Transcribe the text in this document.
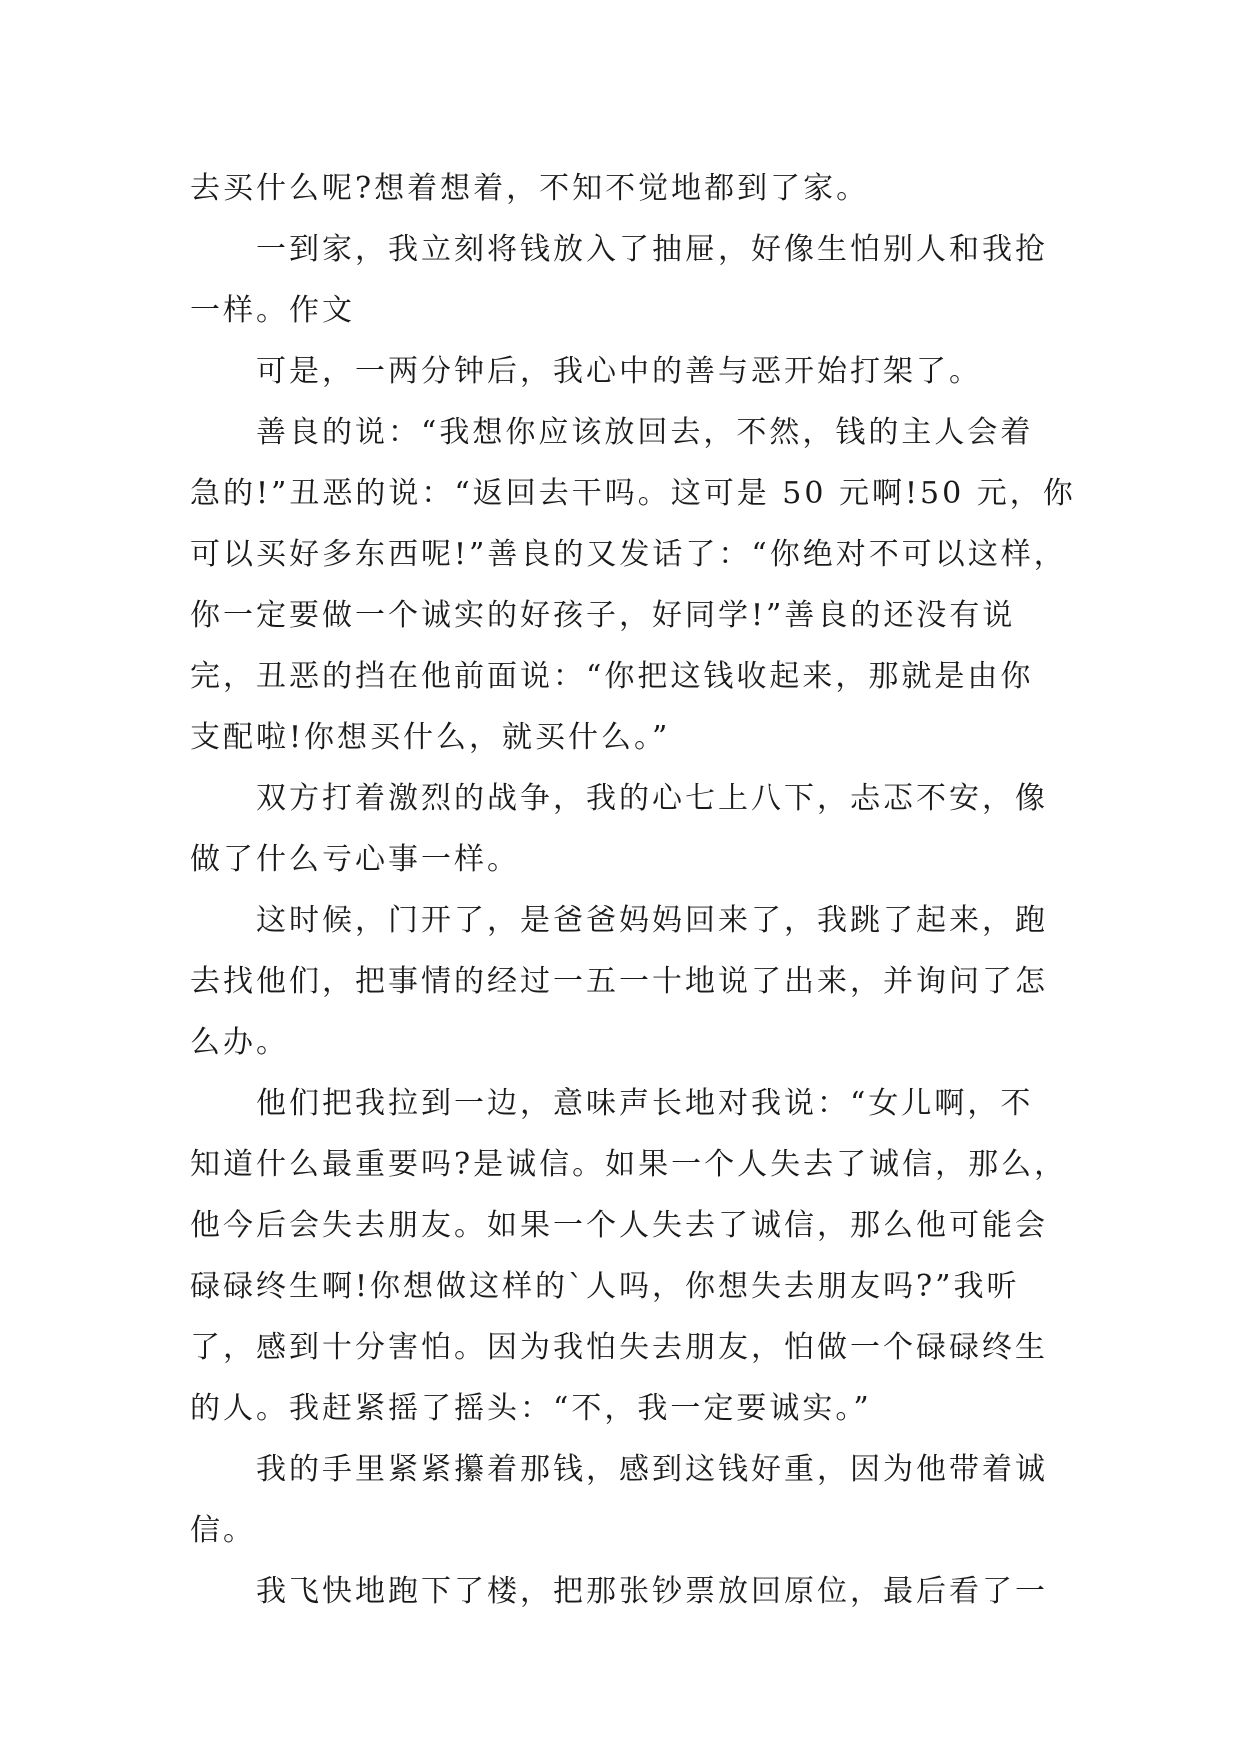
去买什么呢?想着想着，不知不觉地都到了家。
一到家，我立刻将钱放入了抽屉，好像生怕别人和我抢
一样。作文
可是，一两分钟后，我心中的善与恶开始打架了。
善良的说：“我想你应该放回去，不然，钱的主人会着
急的!”丑恶的说：“返回去干吗。这可是 50 元啊!50 元，你
可以买好多东西呢!”善良的又发话了：“你绝对不可以这样，
你一定要做一个诚实的好孩子，好同学!”善良的还没有说
完，丑恶的挡在他前面说：“你把这钱收起来，那就是由你
支配啦!你想买什么，就买什么。”
双方打着激烈的战争，我的心七上八下，忐忑不安，像
做了什么亏心事一样。
这时候，门开了，是爸爸妈妈回来了，我跳了起来，跑
去找他们，把事情的经过一五一十地说了出来，并询问了怎
么办。
他们把我拉到一边，意味声长地对我说：“女儿啊，不
知道什么最重要吗?是诚信。如果一个人失去了诚信，那么，
他今后会失去朋友。如果一个人失去了诚信，那么他可能会
碌碌终生啊!你想做这样的`人吗，你想失去朋友吗?”我听
了，感到十分害怕。因为我怕失去朋友，怕做一个碌碌终生
的人。我赶紧摇了摇头：“不，我一定要诚实。”
我的手里紧紧攥着那钱，感到这钱好重，因为他带着诚
信。
我飞快地跑下了楼，把那张钞票放回原位，最后看了一
